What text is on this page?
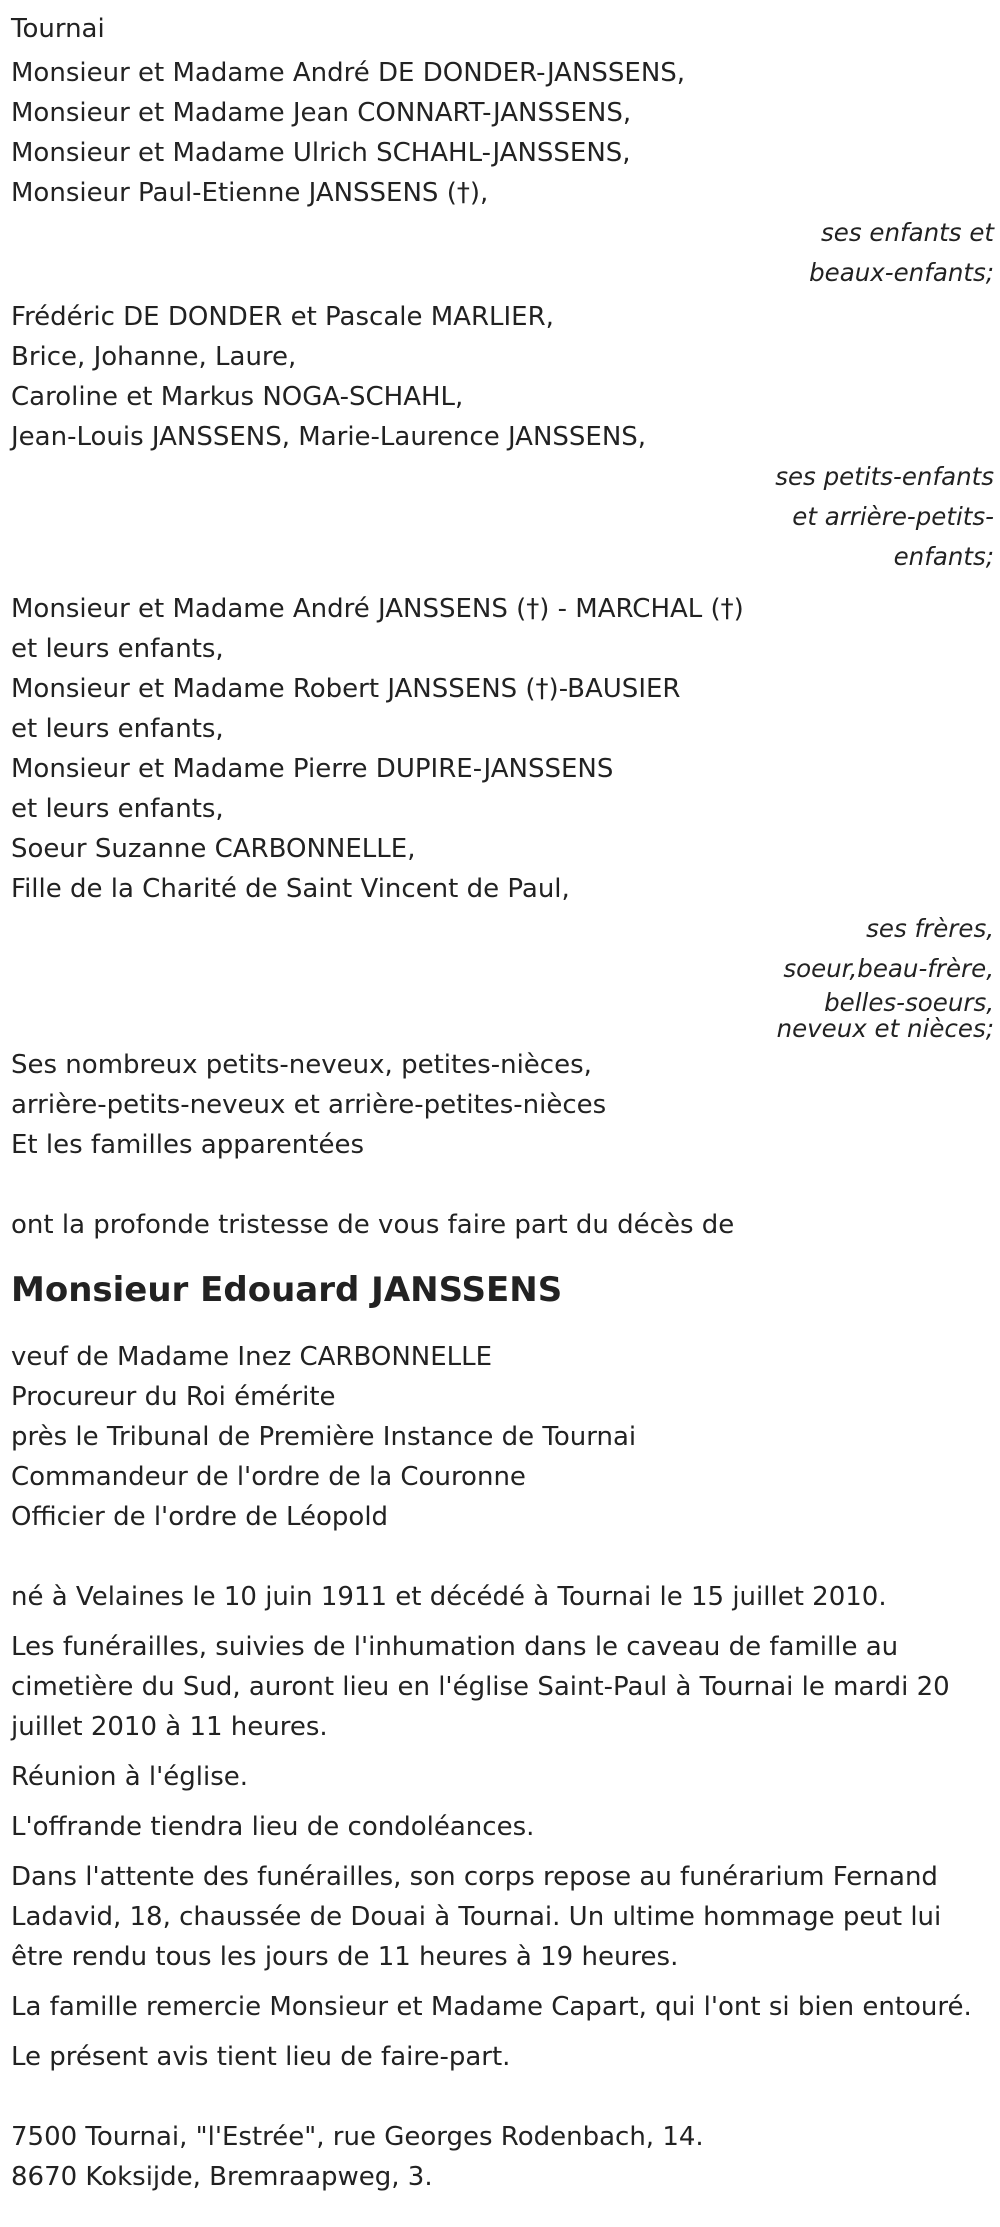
Tournai
Monsieur et Madame André DE DONDER-JANSSENS,
Monsieur et Madame Jean CONNART-JANSSENS,
Monsieur et Madame Ulrich SCHAHL-JANSSENS,
Monsieur Paul-Etienne JANSSENS (†),
ses enfants et
beaux-enfants;
Frédéric DE DONDER et Pascale MARLIER,
Brice, Johanne, Laure,
Caroline et Markus NOGA-SCHAHL,
Jean-Louis JANSSENS, Marie-Laurence JANSSENS,
ses petits-enfants
et arrière-petits-
enfants;
Monsieur et Madame André JANSSENS (†) - MARCHAL (†)
et leurs enfants,
Monsieur et Madame Robert JANSSENS (†)-BAUSIER
et leurs enfants,
Monsieur et Madame Pierre DUPIRE-JANSSENS
et leurs enfants,
Soeur Suzanne CARBONNELLE,
Fille de la Charité de Saint Vincent de Paul,
ses frères,
soeur,beau-frère,
belles-soeurs,
neveux et nièces;
Ses nombreux petits-neveux, petites-nièces,
arrière-petits-neveux et arrière-petites-nièces
Et les familles apparentées
ont la profonde tristesse de vous faire part du décès de
Monsieur Edouard JANSSENS
veuf de Madame Inez CARBONNELLE
Procureur du Roi émérite
près le Tribunal de Première Instance de Tournai
Commandeur de l'ordre de la Couronne
Officier de l'ordre de Léopold
né à Velaines le 10 juin 1911 et décédé à Tournai le 15 juillet 2010.
Les funérailles, suivies de l'inhumation dans le caveau de famille au cimetière du Sud, auront lieu en l'église Saint-Paul à Tournai le mardi 20 juillet 2010 à 11 heures.
Réunion à l'église.
L'offrande tiendra lieu de condoléances.
Dans l'attente des funérailles, son corps repose au funérarium Fernand Ladavid, 18, chaussée de Douai à Tournai. Un ultime hommage peut lui être rendu tous les jours de 11 heures à 19 heures.
La famille remercie Monsieur et Madame Capart, qui l'ont si bien entouré.
Le présent avis tient lieu de faire-part.
7500 Tournai, "l'Estrée", rue Georges Rodenbach, 14.
8670 Koksijde, Bremraapweg, 3.
